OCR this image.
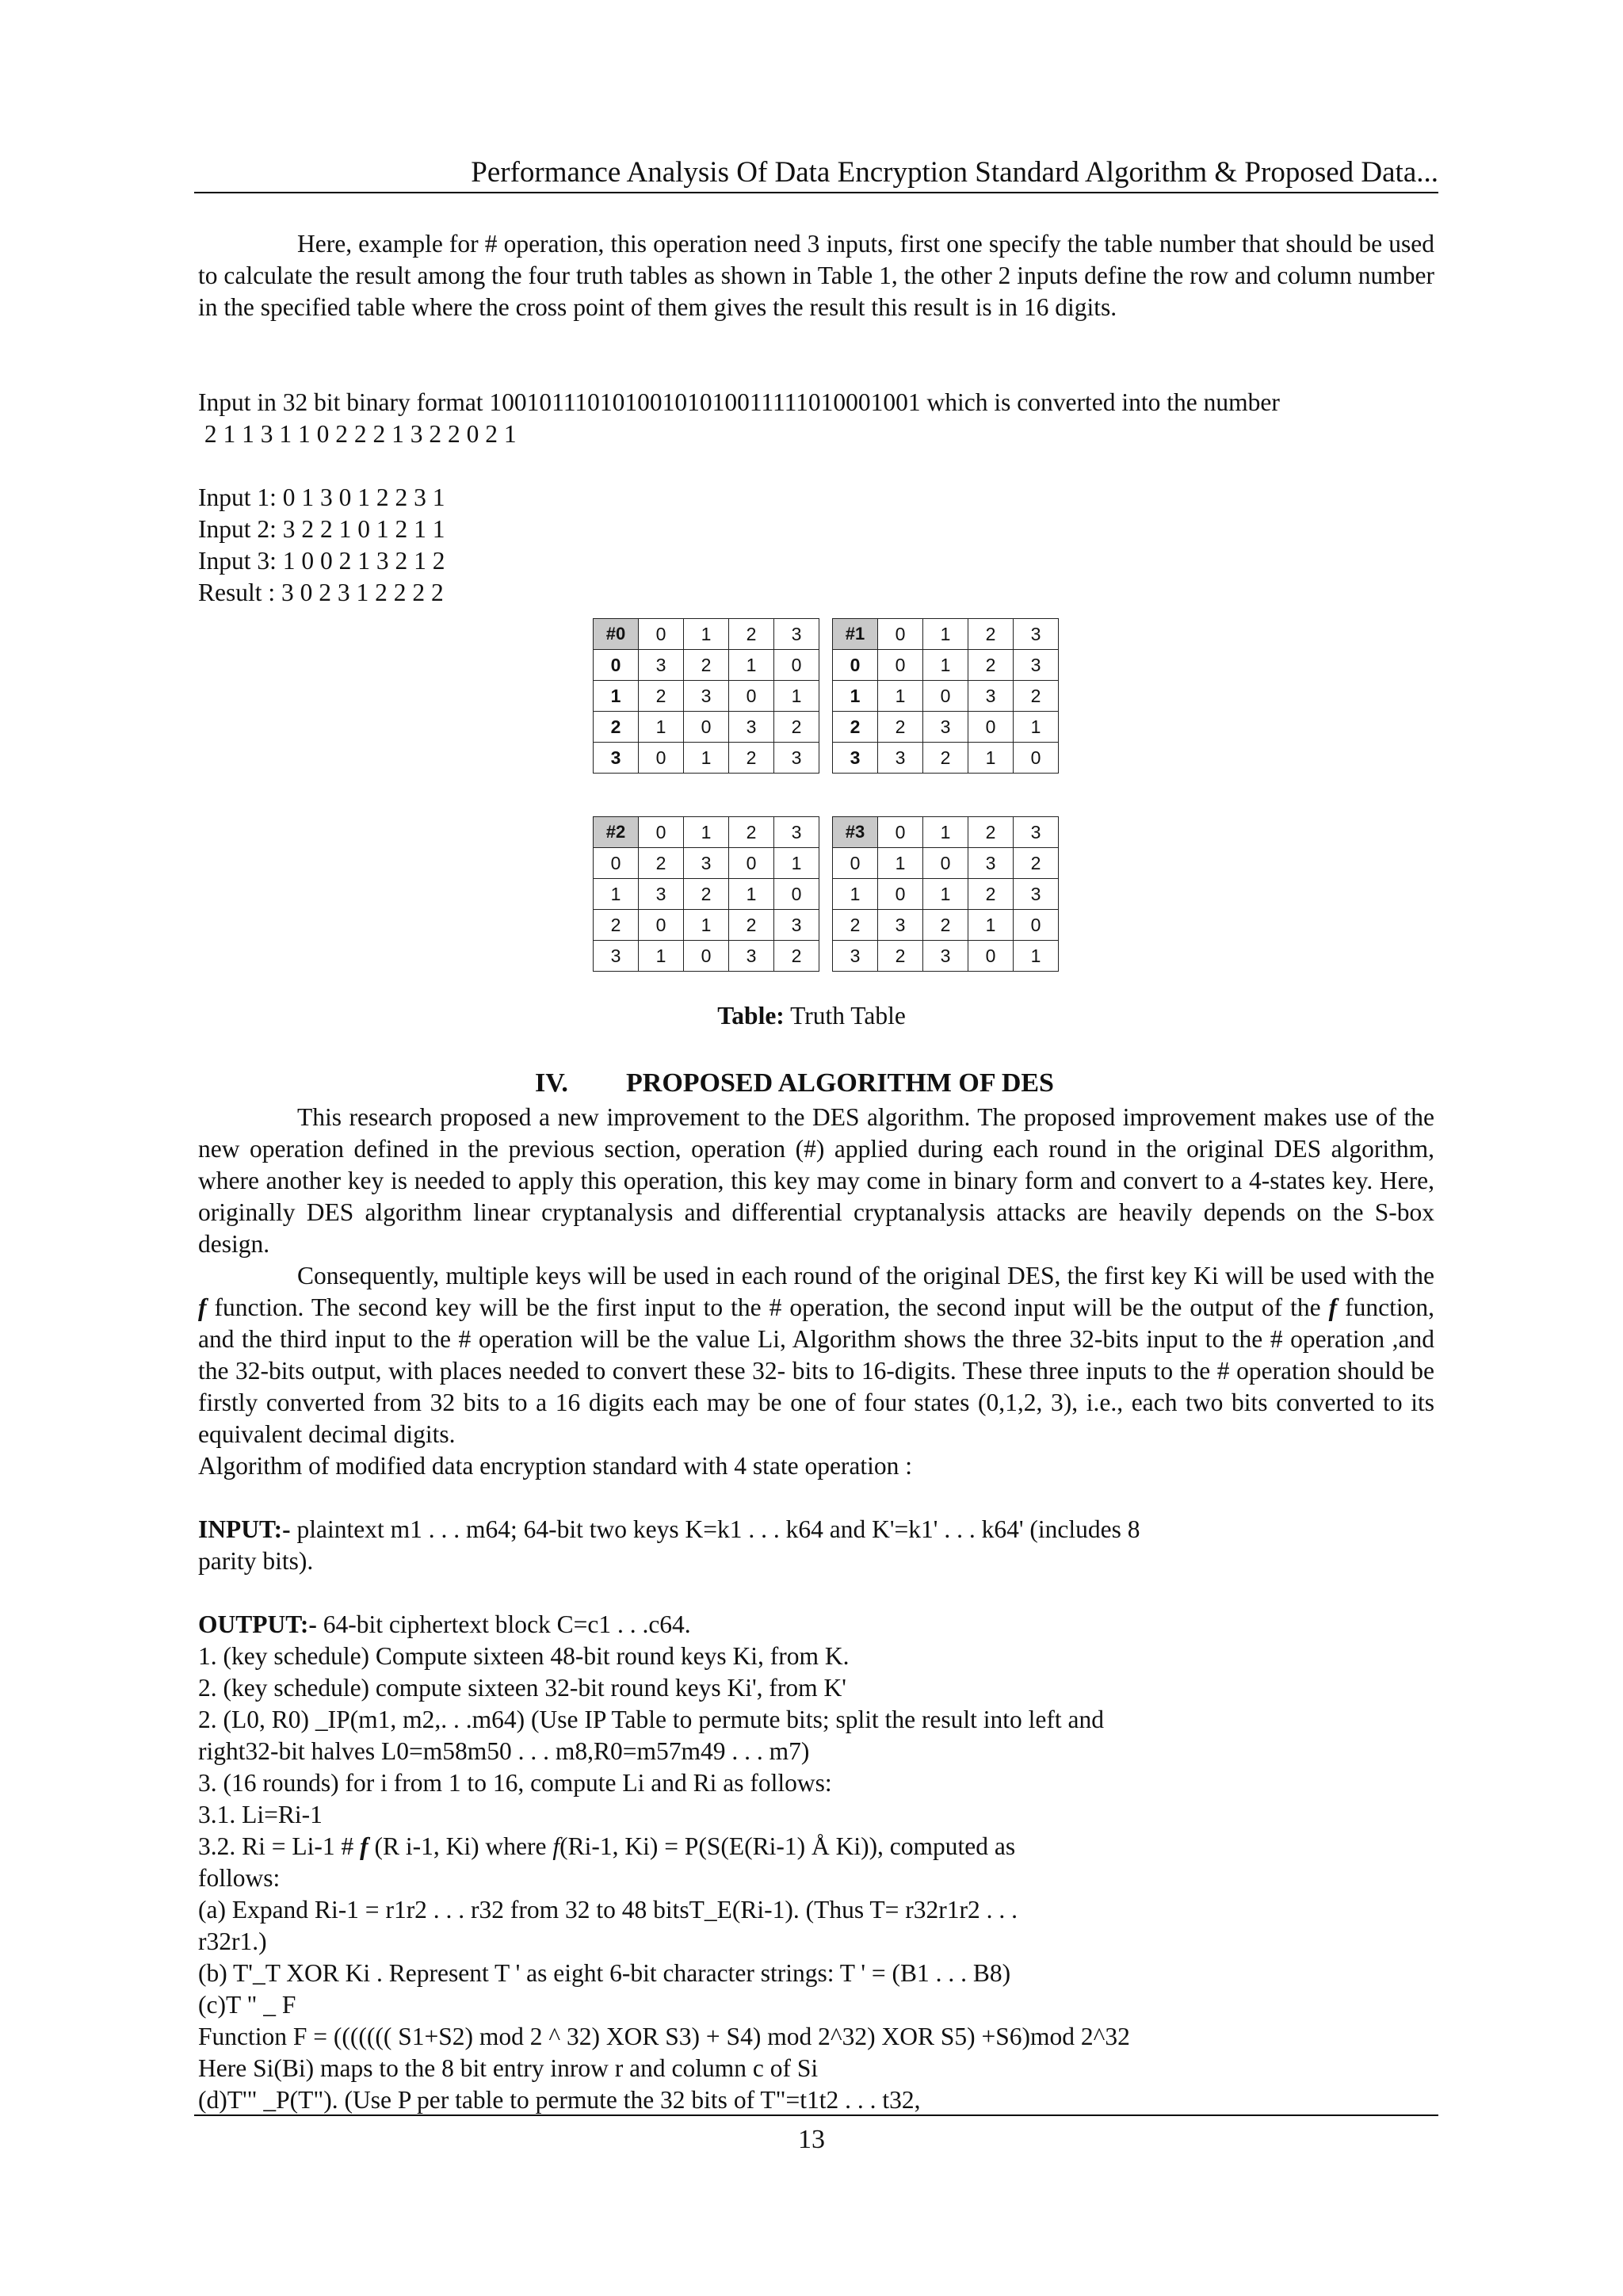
Performance Analysis Of Data Encryption Standard Algorithm & Proposed Data...
Here, example for # operation, this operation need 3 inputs, first one specify the table number that should be used to calculate the result among the four truth tables as shown in Table 1, the other 2 inputs define the row and column number in the specified table where the cross point of them gives the result this result is in 16 digits.
Input in 32 bit binary format 10010111010100101010011111010001001 which is converted into the number
2 1 1 3 1 1 0 2 2 2 1 3 2 2 0 2 1
Input 1: 0 1 3 0 1 2 2 3 1
Input 2: 3 2 2 1 0 1 2 1 1
Input 3: 1 0 0 2 1 3 2 1 2
Result : 3 0 2 3 1 2 2 2 2
#0	0	1	2	3
0	3	2	1	0
1	2	3	0	1
2	1	0	3	2
3	0	1	2	3
#1	0	1	2	3
0	0	1	2	3
1	1	0	3	2
2	2	3	0	1
3	3	2	1	0
#2	0	1	2	3
0	2	3	0	1
1	3	2	1	0
2	0	1	2	3
3	1	0	3	2
#3	0	1	2	3
0	1	0	3	2
1	0	1	2	3
2	3	2	1	0
3	2	3	0	1
Table: Truth Table
IV. PROPOSED ALGORITHM OF DES
This research proposed a new improvement to the DES algorithm. The proposed improvement makes use of the new operation defined in the previous section, operation (#) applied during each round in the original DES algorithm, where another key is needed to apply this operation, this key may come in binary form and convert to a 4-states key. Here, originally DES algorithm linear cryptanalysis and differential cryptanalysis attacks are heavily depends on the S-box design.
Consequently, multiple keys will be used in each round of the original DES, the first key Ki will be used with the f function. The second key will be the first input to the # operation, the second input will be the output of the f function, and the third input to the # operation will be the value Li, Algorithm shows the three 32-bits input to the # operation ,and the 32-bits output, with places needed to convert these 32- bits to 16-digits. These three inputs to the # operation should be firstly converted from 32 bits to a 16 digits each may be one of four states (0,1,2, 3), i.e., each two bits converted to its equivalent decimal digits.
Algorithm of modified data encryption standard with 4 state operation :
INPUT:- plaintext m1 . . . m64; 64-bit two keys K=k1 . . . k64 and K'=k1' . . . k64' (includes 8
parity bits).
OUTPUT:- 64-bit ciphertext block C=c1 . . .c64.
1. (key schedule) Compute sixteen 48-bit round keys Ki, from K.
2. (key schedule) compute sixteen 32-bit round keys Ki', from K'
2. (L0, R0) _IP(m1, m2,. . .m64) (Use IP Table to permute bits; split the result into left and
right32-bit halves L0=m58m50 . . . m8,R0=m57m49 . . . m7)
3. (16 rounds) for i from 1 to 16, compute Li and Ri as follows:
3.1. Li=Ri-1
3.2. Ri = Li-1 # f (R i-1, Ki) where f(Ri-1, Ki) = P(S(E(Ri-1) Å Ki)), computed as
follows:
(a) Expand Ri-1 = r1r2 . . . r32 from 32 to 48 bitsT_E(Ri-1). (Thus T= r32r1r2 . . .
r32r1.)
(b) T'_T XOR Ki . Represent T ' as eight 6-bit character strings: T ' = (B1 . . . B8)
(c)T " _ F
Function F = ((((((( S1+S2) mod 2 ^ 32) XOR S3) + S4) mod 2^32) XOR S5) +S6)mod 2^32
Here Si(Bi) maps to the 8 bit entry inrow r and column c of Si
(d)T'" _P(T"). (Use P per table to permute the 32 bits of T"=t1t2 . . . t32,
13
